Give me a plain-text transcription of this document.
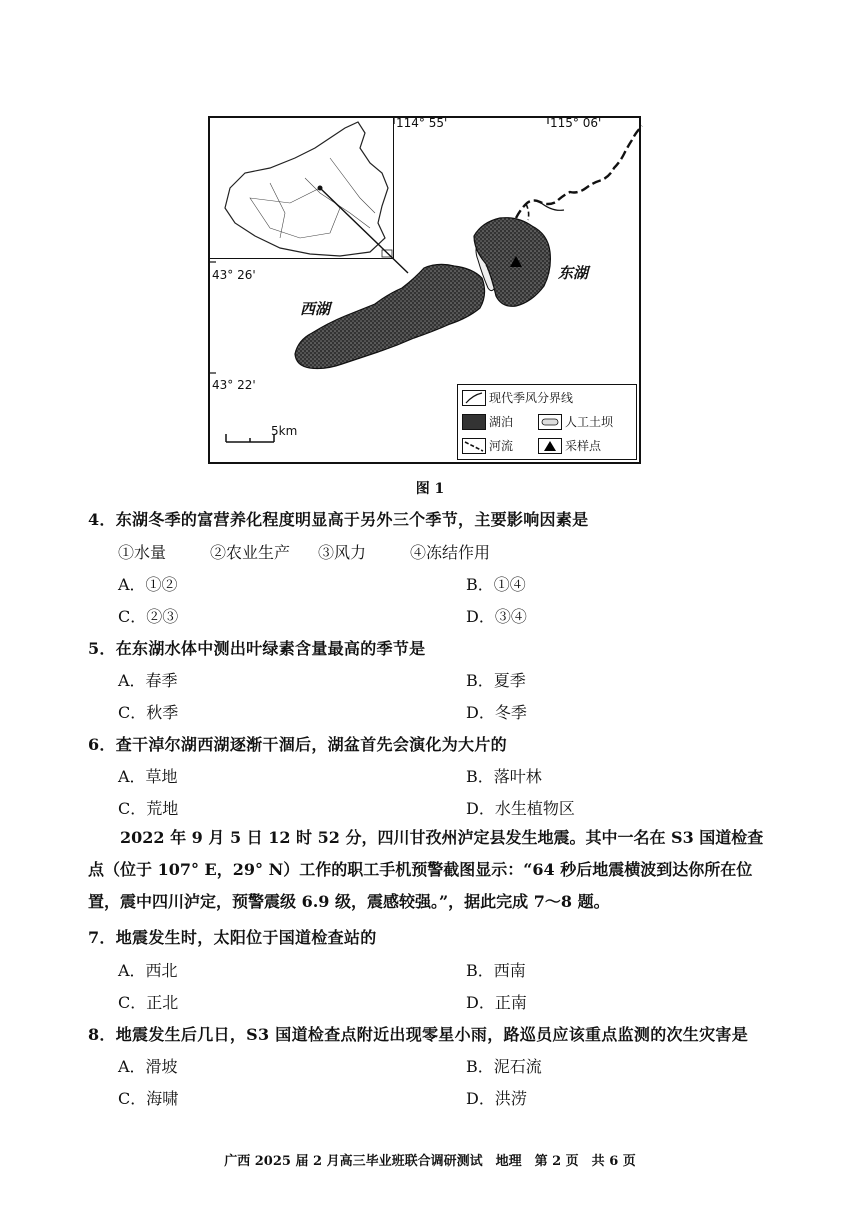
114° 55'	115° 06'
43° 26'
43° 22'
东湖
西湖
5km
现代季风分界线
湖泊	人工土坝
河流	采样点
图 1
4．东湖冬季的富营养化程度明显高于另外三个季节，主要影响因素是
①水量	②农业生产 ③风力	④冻结作用
A．①②	B．①④
C．②③	D．③④
5．在东湖水体中测出叶绿素含量最高的季节是
A．春季	B．夏季
C．秋季	D．冬季
6．查干淖尔湖西湖逐渐干涸后，湖盆首先会演化为大片的
A．草地	B．落叶林
C．荒地	D．水生植物区
2022 年 9 月 5 日 12 时 52 分，四川甘孜州泸定县发生地震。其中一名在 S3 国道检查点（位于 107° E，29° N）工作的职工手机预警截图显示：“64 秒后地震横波到达你所在位置，震中四川泸定，预警震级 6.9 级，震感较强。”，据此完成 7～8 题。
7．地震发生时，太阳位于国道检查站的
A．西北	B．西南
C．正北	D．正南
8．地震发生后几日，S3 国道检查点附近出现零星小雨，路巡员应该重点监测的次生灾害是
A．滑坡	B．泥石流
C．海啸	D．洪涝
广西 2025 届 2 月高三毕业班联合调研测试　地理　第 2 页　共 6 页
